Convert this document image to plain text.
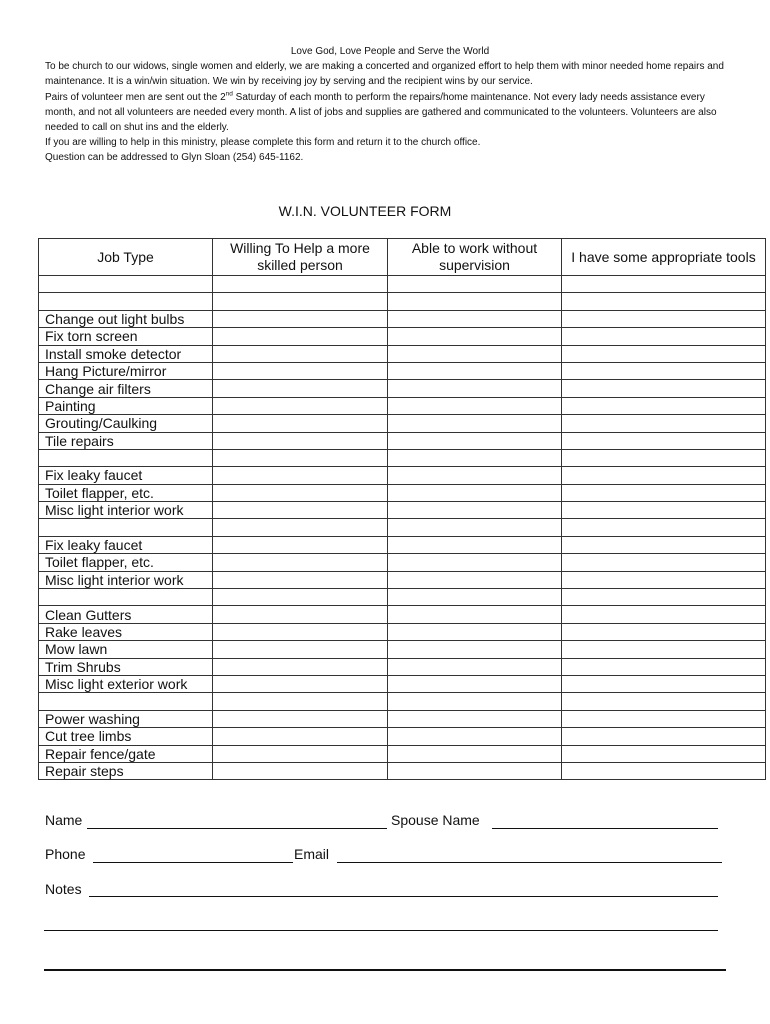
Love God, Love People and Serve the World

To be church to our widows, single women and elderly, we are making a concerted and organized effort to help them with minor needed home repairs and maintenance. It is a win/win situation. We win by receiving joy by serving and the recipient wins by our service.

Pairs of volunteer men are sent out the 2nd Saturday of each month to perform the repairs/home maintenance. Not every lady needs assistance every month, and not all volunteers are needed every month. A list of jobs and supplies are gathered and communicated to the volunteers. Volunteers are also needed to call on shut ins and the elderly.

If you are willing to help in this ministry, please complete this form and return it to the church office.

Question can be addressed to Glyn Sloan (254) 645-1162.

W.I.N. VOLUNTEER FORM
Job Type	Willing To Help a more skilled person	Able to work without supervision	I have some appropriate tools

Change out light bulbs			
Fix torn screen			
Install smoke detector			
Hang Picture/mirror			
Change air filters			
Painting			
Grouting/Caulking			
Tile repairs			

Fix leaky faucet			
Toilet flapper, etc.			
Misc light interior work			

Fix leaky faucet			
Toilet flapper, etc.			
Misc light interior work			

Clean Gutters			
Rake leaves			
Mow lawn			
Trim Shrubs			
Misc light exterior work			

Power washing			
Cut tree limbs			
Repair fence/gate			
Repair steps			
Name	Spouse Name
Phone	Email
Notes
